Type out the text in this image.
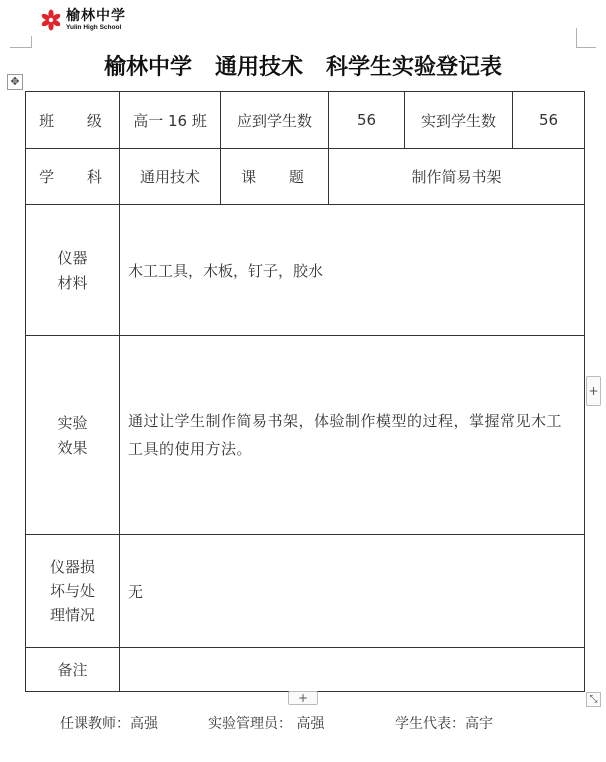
榆林中学
Yulin High School
榆林中学   通用技术   科学生实验登记表
✥
班 级	高一 16 班	应到学生数	56	实到学生数	56
学 科	通用技术	课 题	制作简易书架		

仪器
材料	木工工具，木板，钉子，胶水				

实验
效果	通过让学生制作简易书架，体验制作模型的过程，掌握常见木工工具的使用方法。				

仪器损
坏与处
理情况	无				
备注					
+
+	⤡
任课教师：高强	实验管理员： 高强	学生代表：高宇
